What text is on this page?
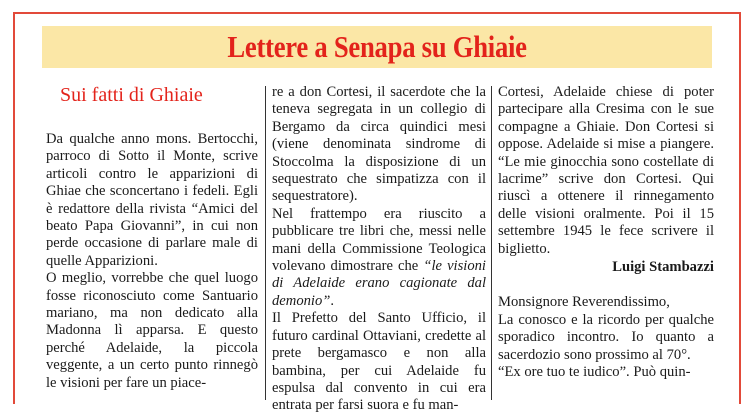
Lettere a Senapa su Ghiaie
Sui fatti di Ghiaie

Da qualche anno mons. Bertocchi, parroco di Sotto il Monte, scrive articoli contro le apparizioni di Ghiae che sconcertano i fedeli. Egli è redattore della rivista “Amici del beato Papa Giovanni”, in cui non perde occasione di parlare male di quelle Apparizioni.

O meglio, vorrebbe che quel luogo fosse riconosciuto come Santuario mariano, ma non dedicato alla Madonna lì apparsa. E questo perché Adelaide, la piccola veggente, a un certo punto rinnegò le visioni per fare un piace-

re a don Cortesi, il sacerdote che la teneva segregata in un collegio di Bergamo da circa quindici mesi (viene denominata sindrome di Stoccolma la disposizione di un sequestrato che simpatizza con il sequestratore).

Nel frattempo era riuscito a pubblicare tre libri che, messi nelle mani della Commissione Teologica volevano dimostrare che “le visioni di Adelaide erano cagionate dal demonio”.

Il Prefetto del Santo Ufficio, il futuro cardinal Ottaviani, credette al prete bergamasco e non alla bambina, per cui Adelaide fu espulsa dal convento in cui era entrata per farsi suora e fu man-

Cortesi, Adelaide chiese di poter partecipare alla Cresima con le sue compagne a Ghiaie. Don Cortesi si oppose. Adelaide si mise a piangere. “Le mie ginocchia sono costellate di lacrime” scrive don Cortesi. Qui riuscì a ottenere il rinnegamento delle visioni oralmente. Poi il 15 settembre 1945 le fece scrivere il biglietto.

Luigi Stambazzi

Monsignore Reverendissimo,

La conosco e la ricordo per qualche sporadico incontro. Io quanto a sacerdozio sono prossimo al 70°.

“Ex ore tuo te iudico”. Può quin-
